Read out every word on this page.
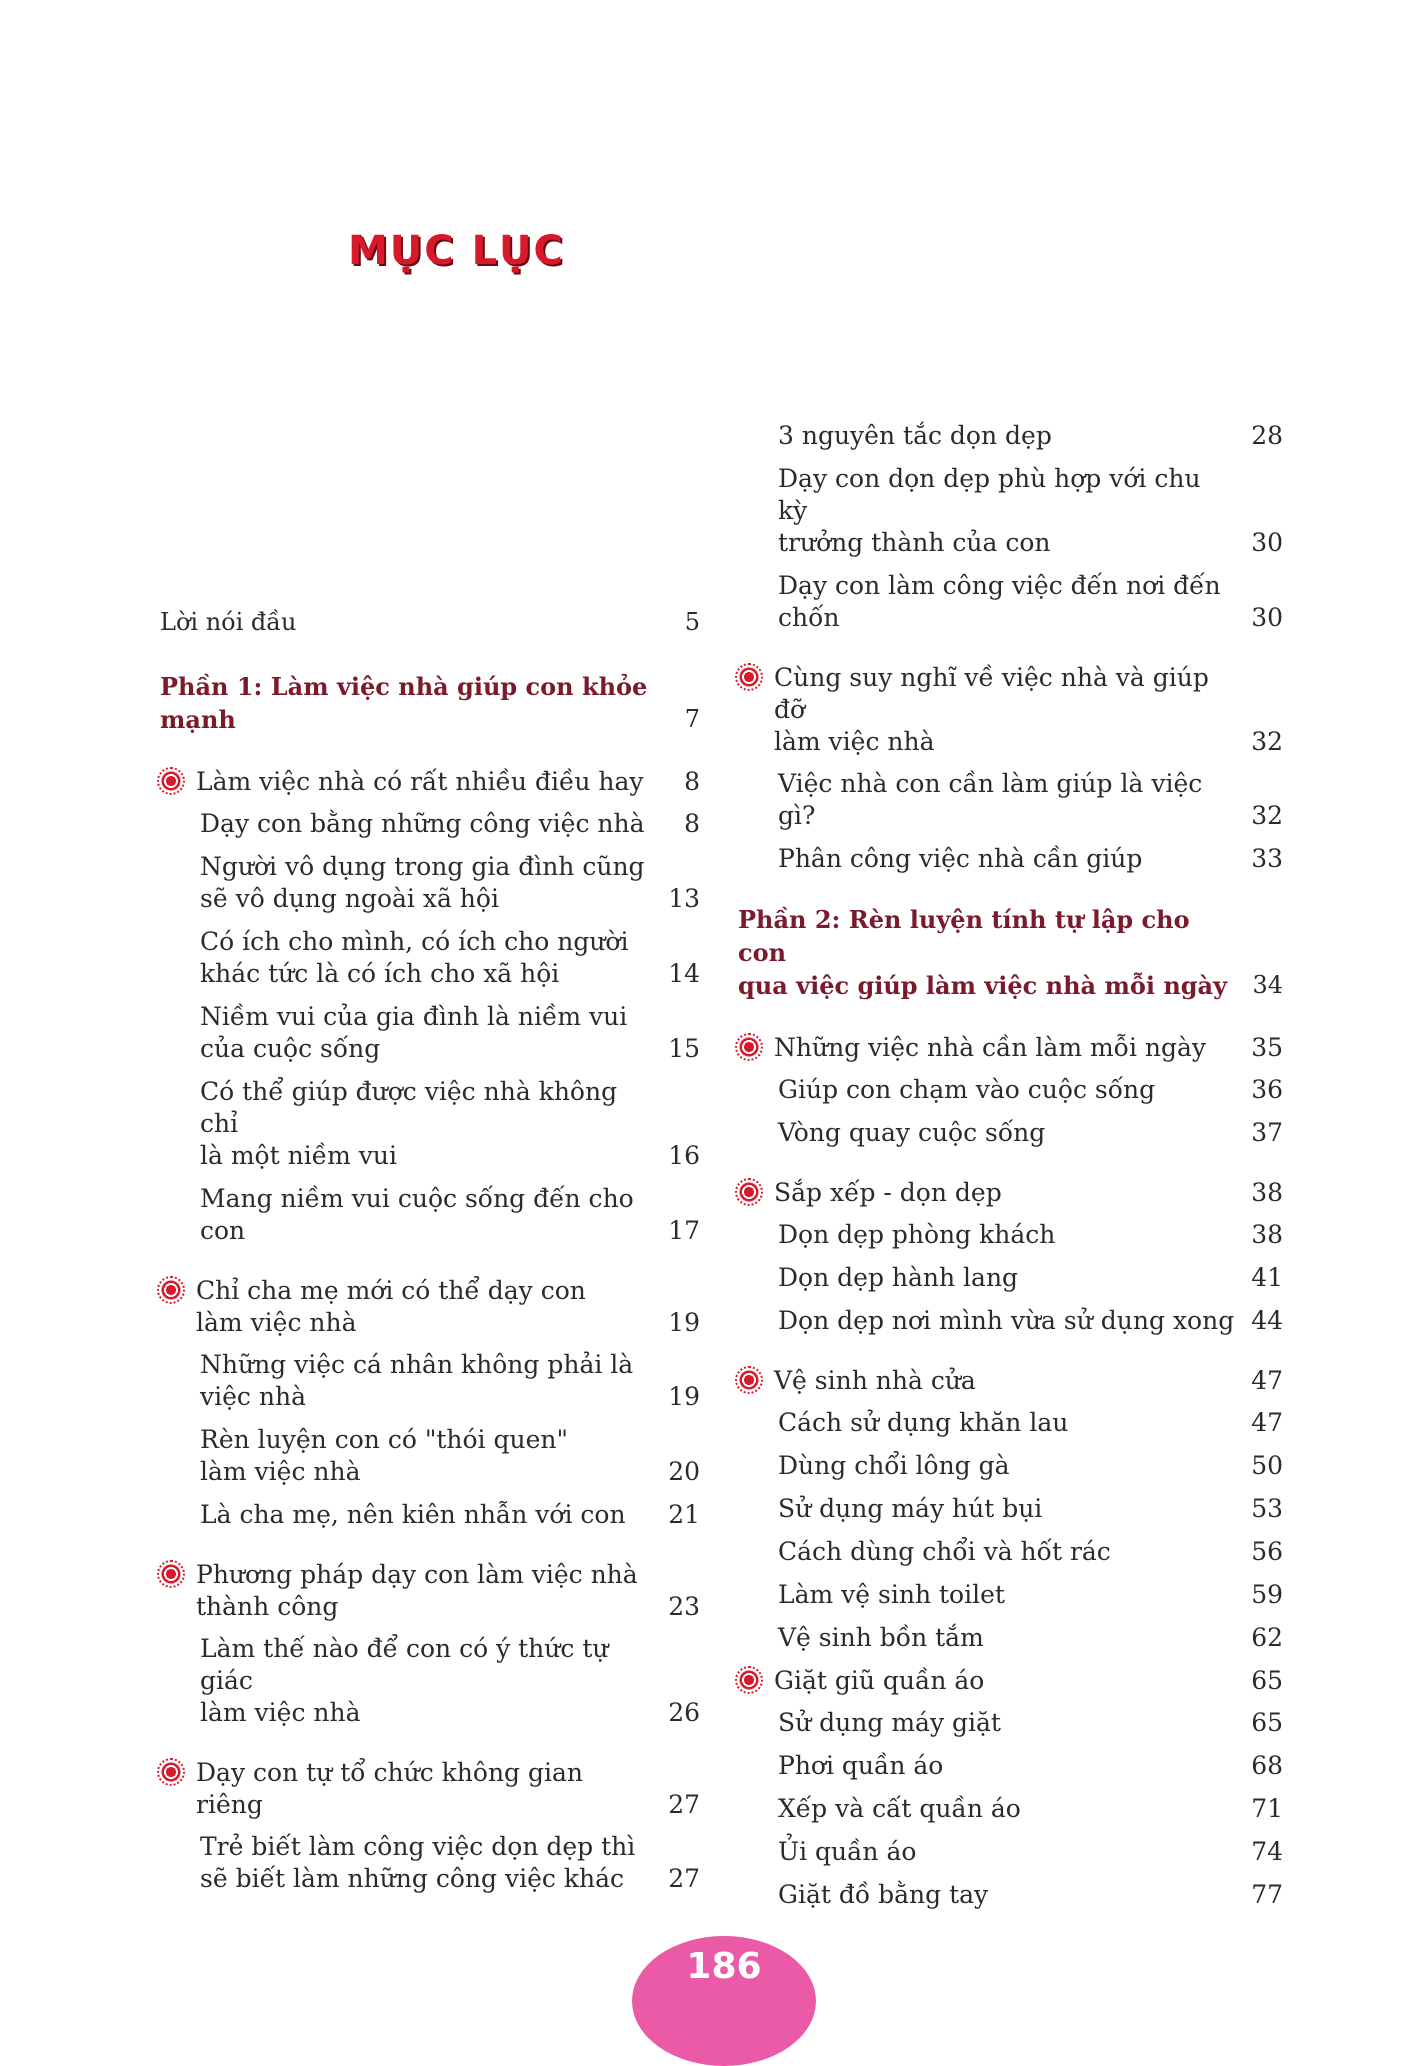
MỤC LỤC
Lời nói đầu	5
Phần 1: Làm việc nhà giúp con khỏe mạnh	7
Làm việc nhà có rất nhiều điều hay	8
Dạy con bằng những công việc nhà	8
Người vô dụng trong gia đình cũng
sẽ vô dụng ngoài xã hội	13
Có ích cho mình, có ích cho người
khác tức là có ích cho xã hội	14
Niềm vui của gia đình là niềm vui
của cuộc sống	15
Có thể giúp được việc nhà không chỉ
là một niềm vui	16
Mang niềm vui cuộc sống đến cho con	17
Chỉ cha mẹ mới có thể dạy con
làm việc nhà	19
Những việc cá nhân không phải là
việc nhà	19
Rèn luyện con có "thói quen"
làm việc nhà	20
Là cha mẹ, nên kiên nhẫn với con	21
Phương pháp dạy con làm việc nhà
thành công	23
Làm thế nào để con có ý thức tự giác
làm việc nhà	26
Dạy con tự tổ chức không gian riêng	27
Trẻ biết làm công việc dọn dẹp thì
sẽ biết làm những công việc khác	27
3 nguyên tắc dọn dẹp	28
Dạy con dọn dẹp phù hợp với chu kỳ
trưởng thành của con	30
Dạy con làm công việc đến nơi đến chốn	30
Cùng suy nghĩ về việc nhà và giúp đỡ
làm việc nhà	32
Việc nhà con cần làm giúp là việc gì?	32
Phân công việc nhà cần giúp	33
Phần 2: Rèn luyện tính tự lập cho con
qua việc giúp làm việc nhà mỗi ngày	34
Những việc nhà cần làm mỗi ngày	35
Giúp con chạm vào cuộc sống	36
Vòng quay cuộc sống	37
Sắp xếp - dọn dẹp	38
Dọn dẹp phòng khách	38
Dọn dẹp hành lang	41
Dọn dẹp nơi mình vừa sử dụng xong 44
Vệ sinh nhà cửa	47
Cách sử dụng khăn lau	47
Dùng chổi lông gà	50
Sử dụng máy hút bụi	53
Cách dùng chổi và hốt rác	56
Làm vệ sinh toilet	59
Vệ sinh bồn tắm	62
Giặt giũ quần áo	65
Sử dụng máy giặt	65
Phơi quần áo	68
Xếp và cất quần áo	71
Ủi quần áo	74
Giặt đồ bằng tay	77
186
